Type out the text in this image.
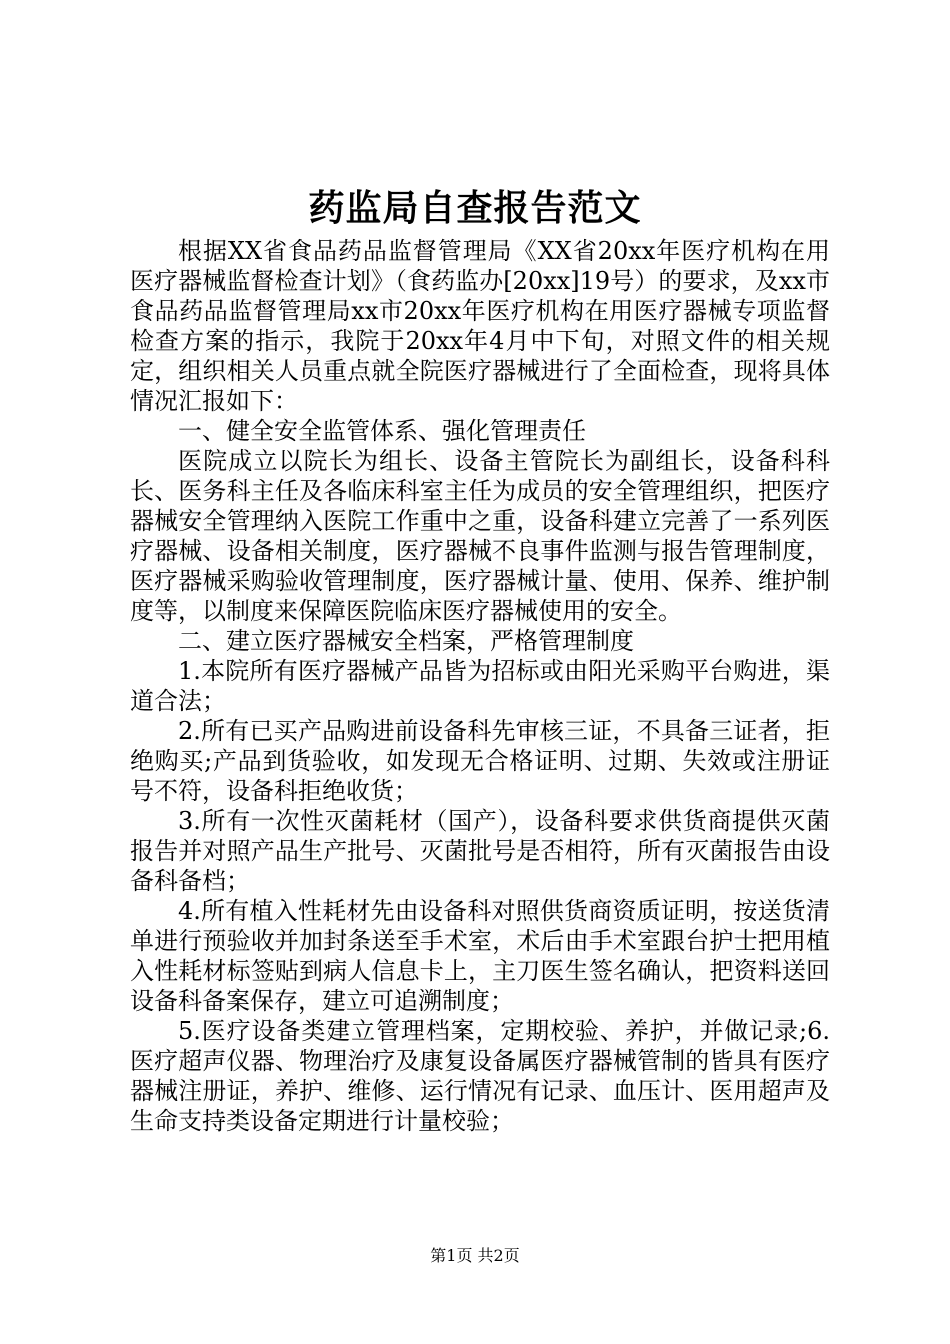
药监局自查报告范文

根据XX省食品药品监督管理局《XX省20xx年医疗机构在用医疗器械监督检查计划》（食药监办[20xx]19号）的要求，及xx市食品药品监督管理局xx市20xx年医疗机构在用医疗器械专项监督检查方案的指示，我院于20xx年4月中下旬，对照文件的相关规定，组织相关人员重点就全院医疗器械进行了全面检查，现将具体情况汇报如下：

一、健全安全监管体系、强化管理责任

医院成立以院长为组长、设备主管院长为副组长，设备科科长、医务科主任及各临床科室主任为成员的安全管理组织，把医疗器械安全管理纳入医院工作重中之重，设备科建立完善了一系列医疗器械、设备相关制度，医疗器械不良事件监测与报告管理制度，医疗器械采购验收管理制度，医疗器械计量、使用、保养、维护制度等，以制度来保障医院临床医疗器械使用的安全。

二、建立医疗器械安全档案，严格管理制度

1.本院所有医疗器械产品皆为招标或由阳光采购平台购进，渠道合法；

2.所有已买产品购进前设备科先审核三证，不具备三证者，拒绝购买;产品到货验收，如发现无合格证明、过期、失效或注册证号不符，设备科拒绝收货；

3.所有一次性灭菌耗材（国产），设备科要求供货商提供灭菌报告并对照产品生产批号、灭菌批号是否相符，所有灭菌报告由设备科备档；

4.所有植入性耗材先由设备科对照供货商资质证明，按送货清单进行预验收并加封条送至手术室，术后由手术室跟台护士把用植入性耗材标签贴到病人信息卡上，主刀医生签名确认，把资料送回设备科备案保存，建立可追溯制度；

5.医疗设备类建立管理档案，定期校验、养护，并做记录;6.医疗超声仪器、物理治疗及康复设备属医疗器械管制的皆具有医疗器械注册证，养护、维修、运行情况有记录、血压计、医用超声及生命支持类设备定期进行计量校验；

第1页 共2页
